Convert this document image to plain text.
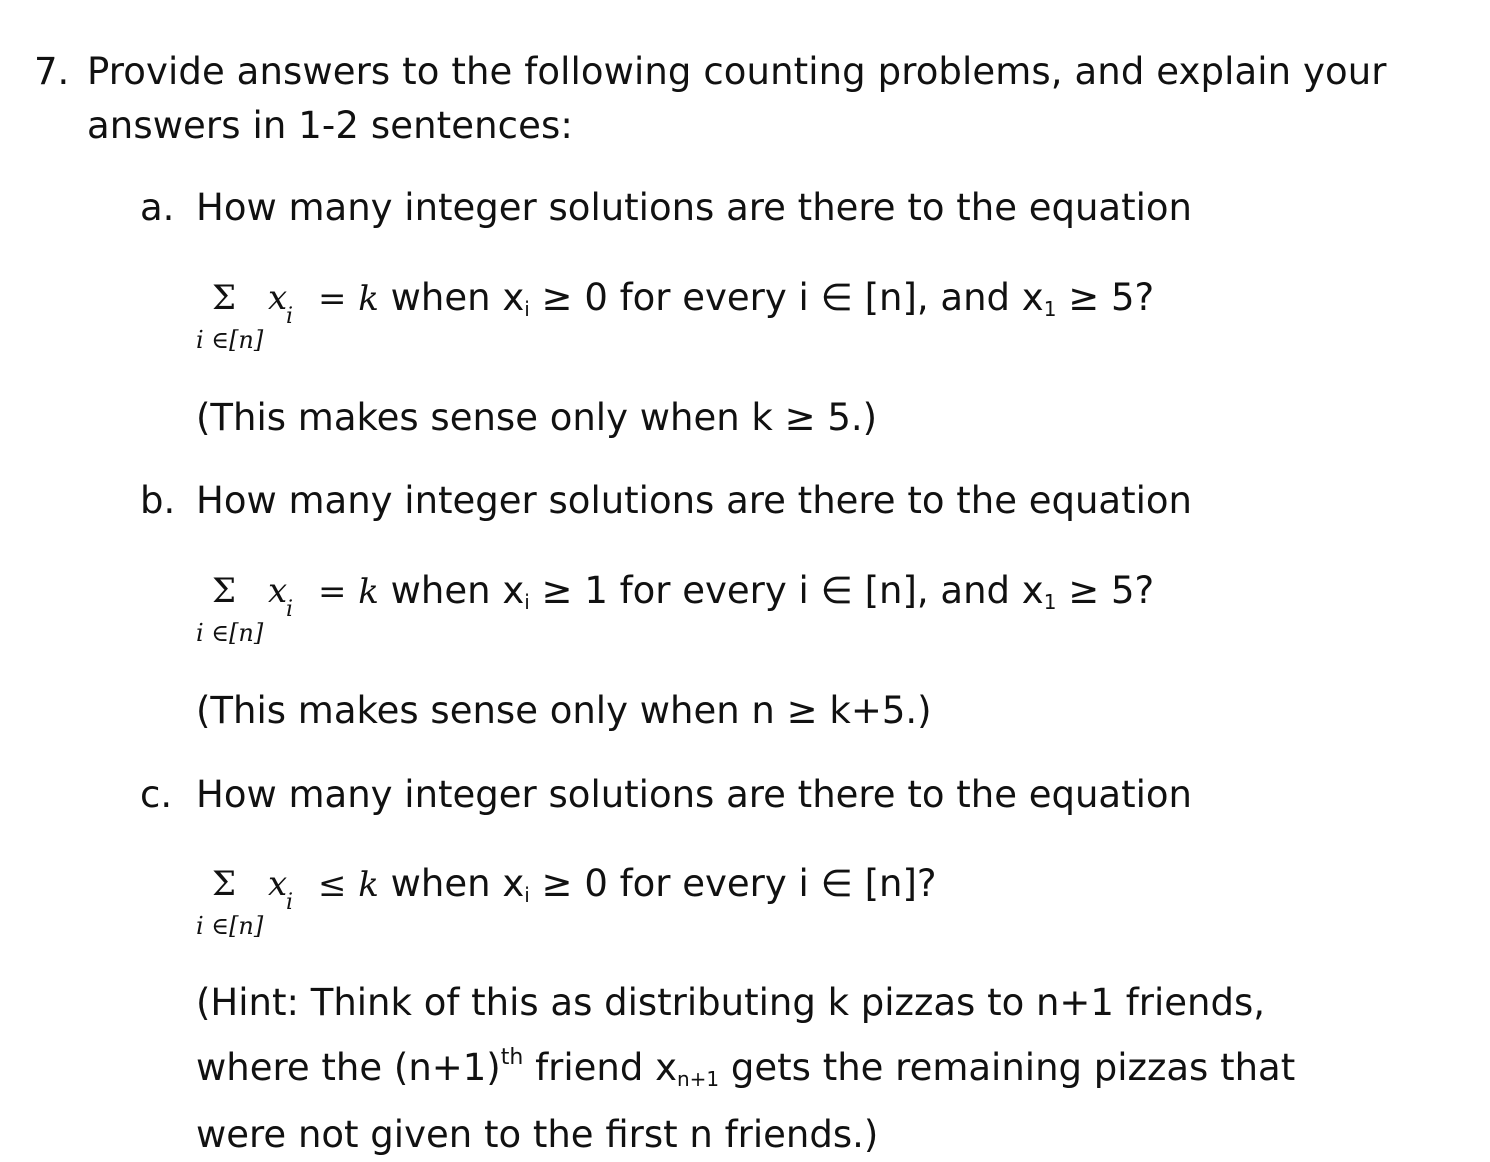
7. Provide answers to the following counting problems, and explain your answers in 1-2 sentences:
a. How many integer solutions are there to the equation
Σ x
i
i ∈[n]
= k when $x_i \ge 0$ for every i ∈ [n], and $x_1 \ge 5$?
(This makes sense only when k ≥ 5.)
b. How many integer solutions are there to the equation
Σ x
i
i ∈[n]
= k when $x_i \ge 1$ for every i ∈ [n], and $x_1 \ge 5$?
(This makes sense only when n ≥ k+5.)
c. How many integer solutions are there to the equation
Σ x
i
i ∈[n]
≤ k when $x_i \ge 0$ for every i ∈ [n]?
(Hint: Think of this as distributing k pizzas to n+1 friends,
where the $(n+1)^{th}$ friend $x_{n+1}$ gets the remaining pizzas that
were not given to the first n friends.)
